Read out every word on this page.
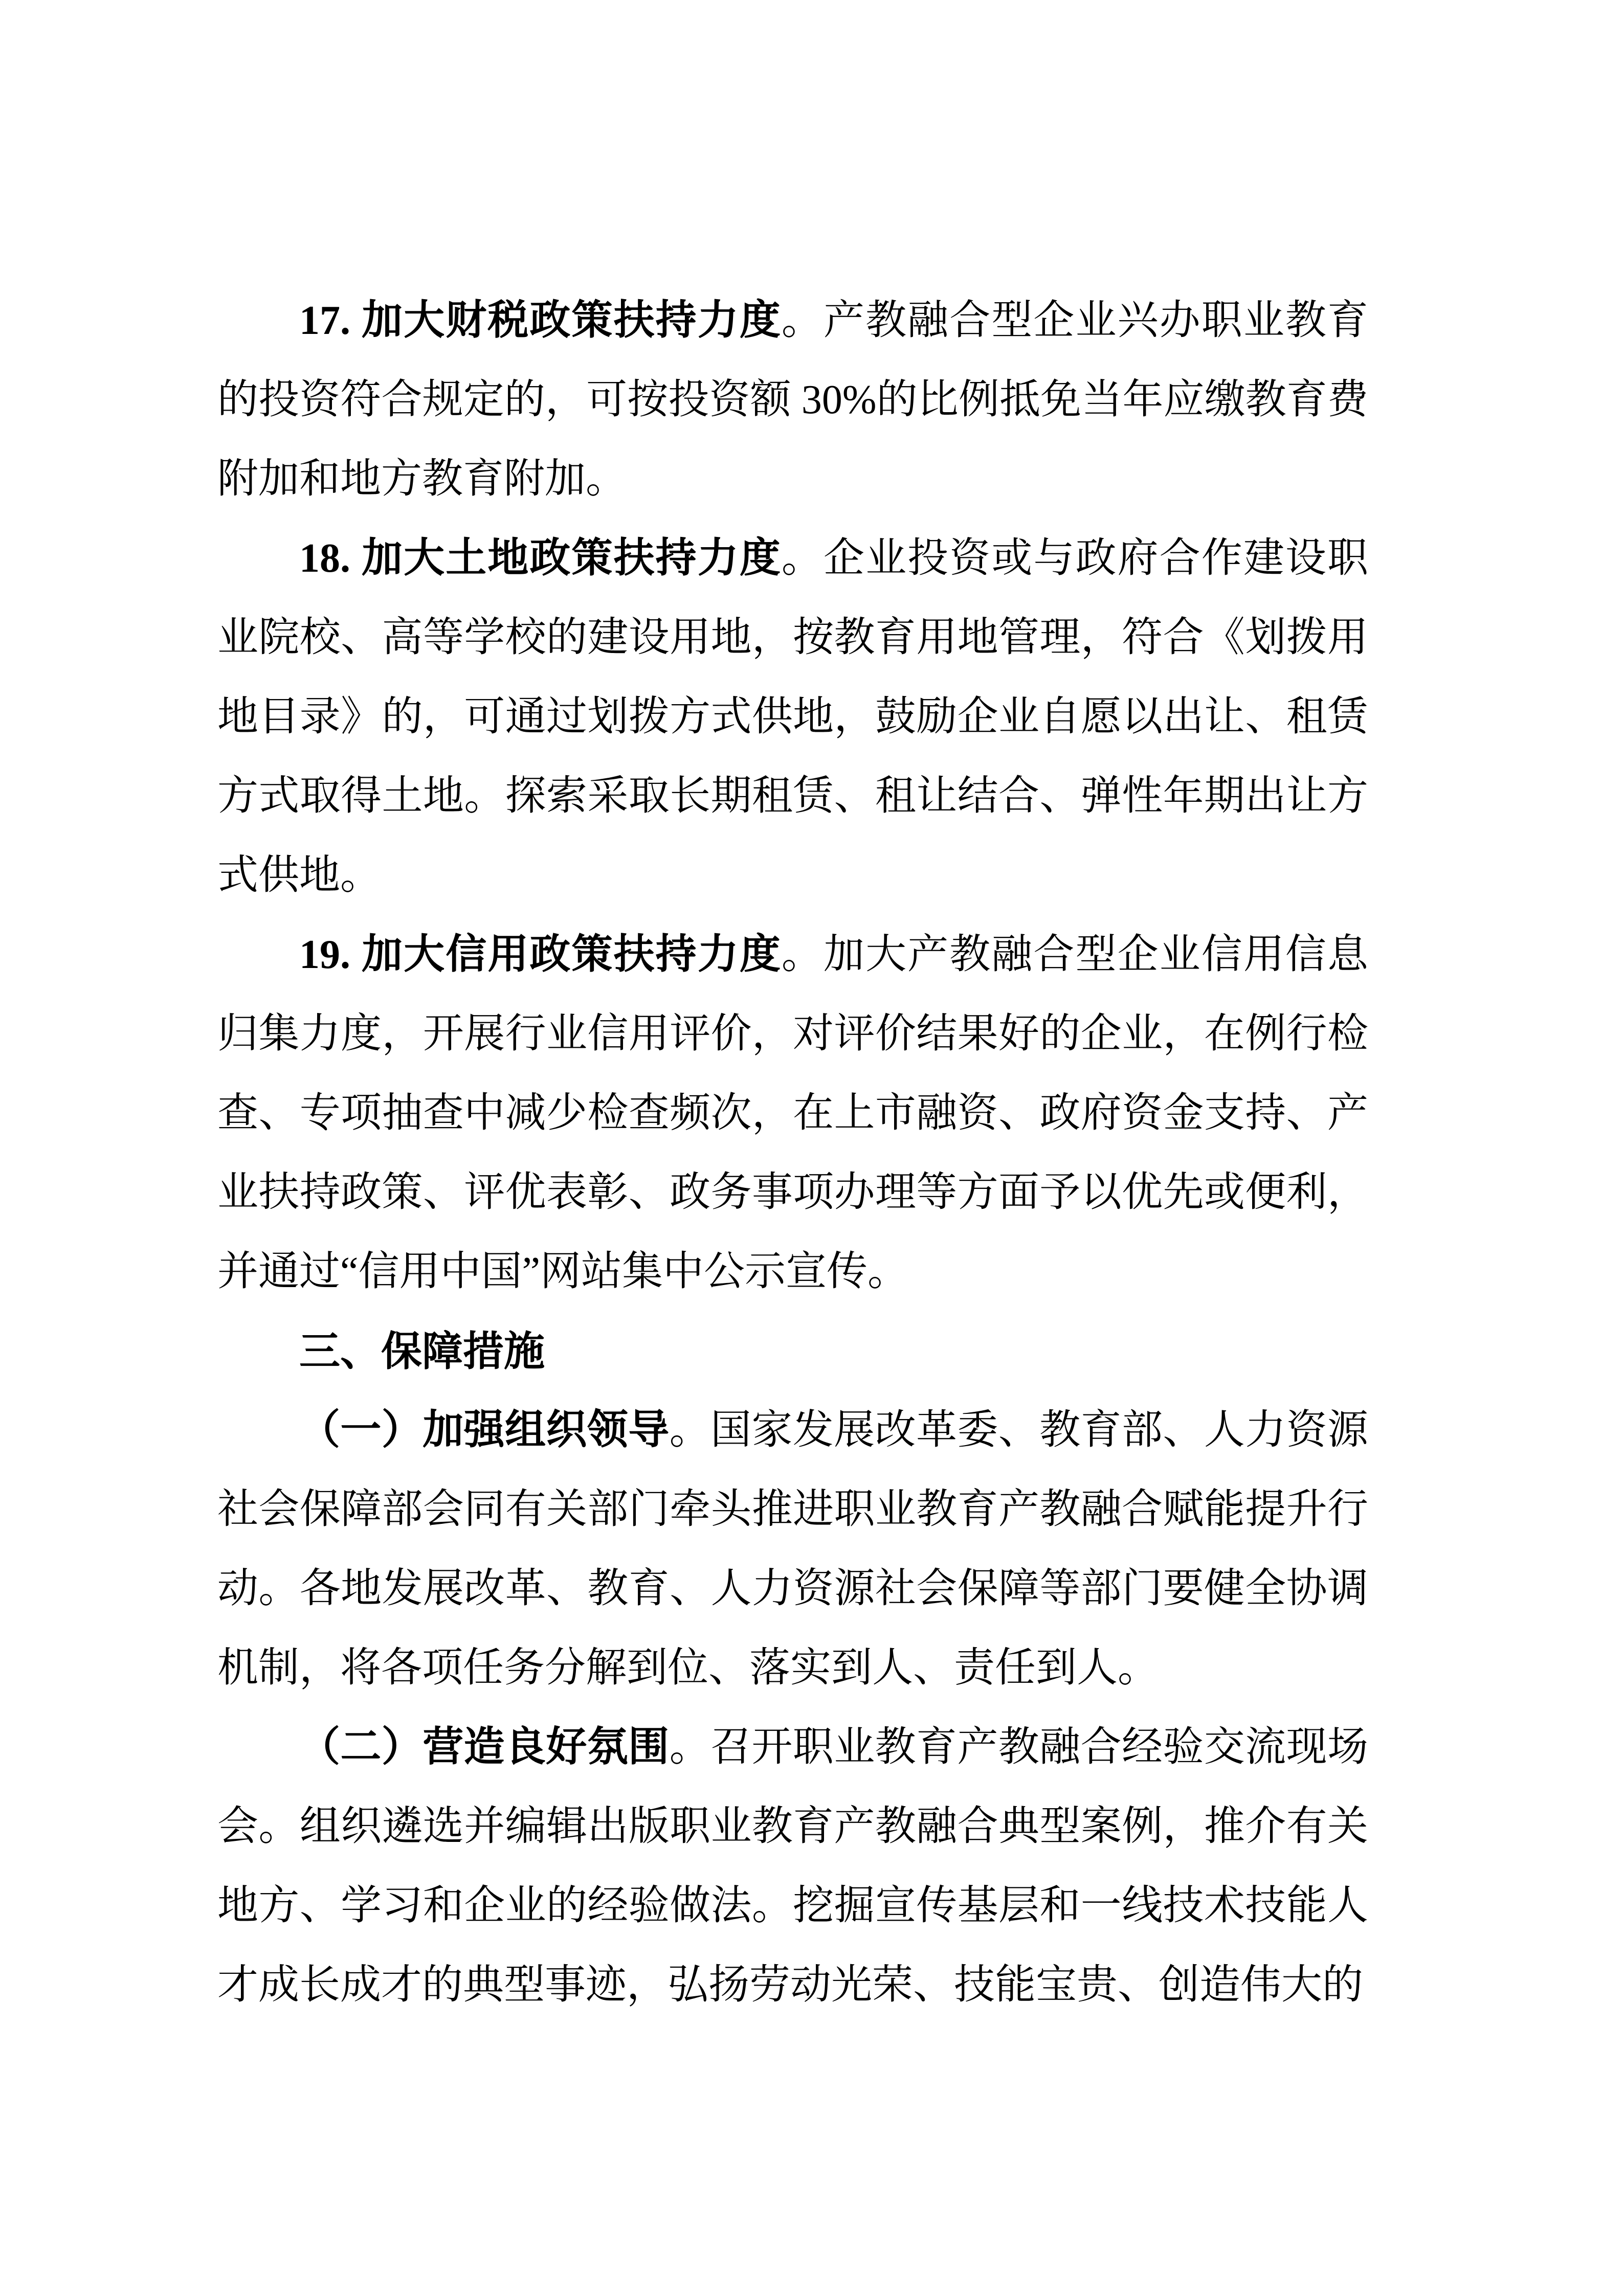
17. 加大财税政策扶持力度。产教融合型企业兴办职业教育的投资符合规定的，可按投资额 30%的比例抵免当年应缴教育费附加和地方教育附加。

18. 加大土地政策扶持力度。企业投资或与政府合作建设职业院校、高等学校的建设用地，按教育用地管理，符合《划拨用地目录》的，可通过划拨方式供地，鼓励企业自愿以出让、租赁方式取得土地。探索采取长期租赁、租让结合、弹性年期出让方式供地。

19. 加大信用政策扶持力度。加大产教融合型企业信用信息归集力度，开展行业信用评价，对评价结果好的企业，在例行检查、专项抽查中减少检查频次，在上市融资、政府资金支持、产业扶持政策、评优表彰、政务事项办理等方面予以优先或便利，并通过“信用中国”网站集中公示宣传。

三、保障措施

（一）加强组织领导。国家发展改革委、教育部、人力资源社会保障部会同有关部门牵头推进职业教育产教融合赋能提升行动。各地发展改革、教育、人力资源社会保障等部门要健全协调机制，将各项任务分解到位、落实到人、责任到人。

（二）营造良好氛围。召开职业教育产教融合经验交流现场会。组织遴选并编辑出版职业教育产教融合典型案例，推介有关地方、学习和企业的经验做法。挖掘宣传基层和一线技术技能人才成长成才的典型事迹，弘扬劳动光荣、技能宝贵、创造伟大的
